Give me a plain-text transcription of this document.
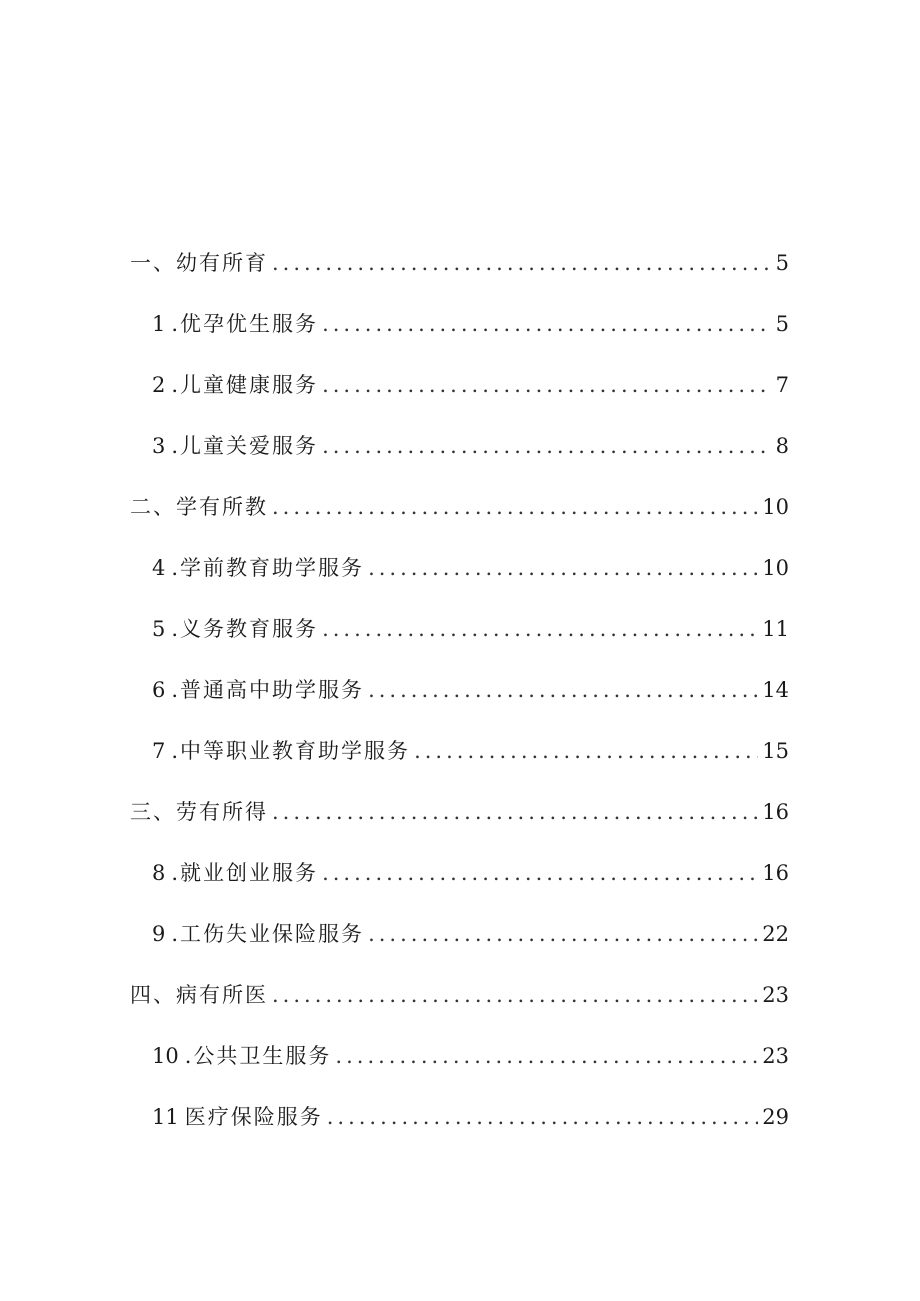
一、幼有所育 .....	5
1 .优孕优生服务 .....	5
2 .儿童健康服务 .....	7
3 .儿童关爱服务 .....	8
二、学有所教 .....	10
4 .学前教育助学服务 .....	10
5 .义务教育服务 .....	11
6 .普通高中助学服务 .....	14
7 .中等职业教育助学服务 .....	15
三、劳有所得 .....	16
8 .就业创业服务 .....	16
9 .工伤失业保险服务 .....	22
四、病有所医 .....	23
10 .公共卫生服务 .....	23
11 医疗保险服务 .....	29
